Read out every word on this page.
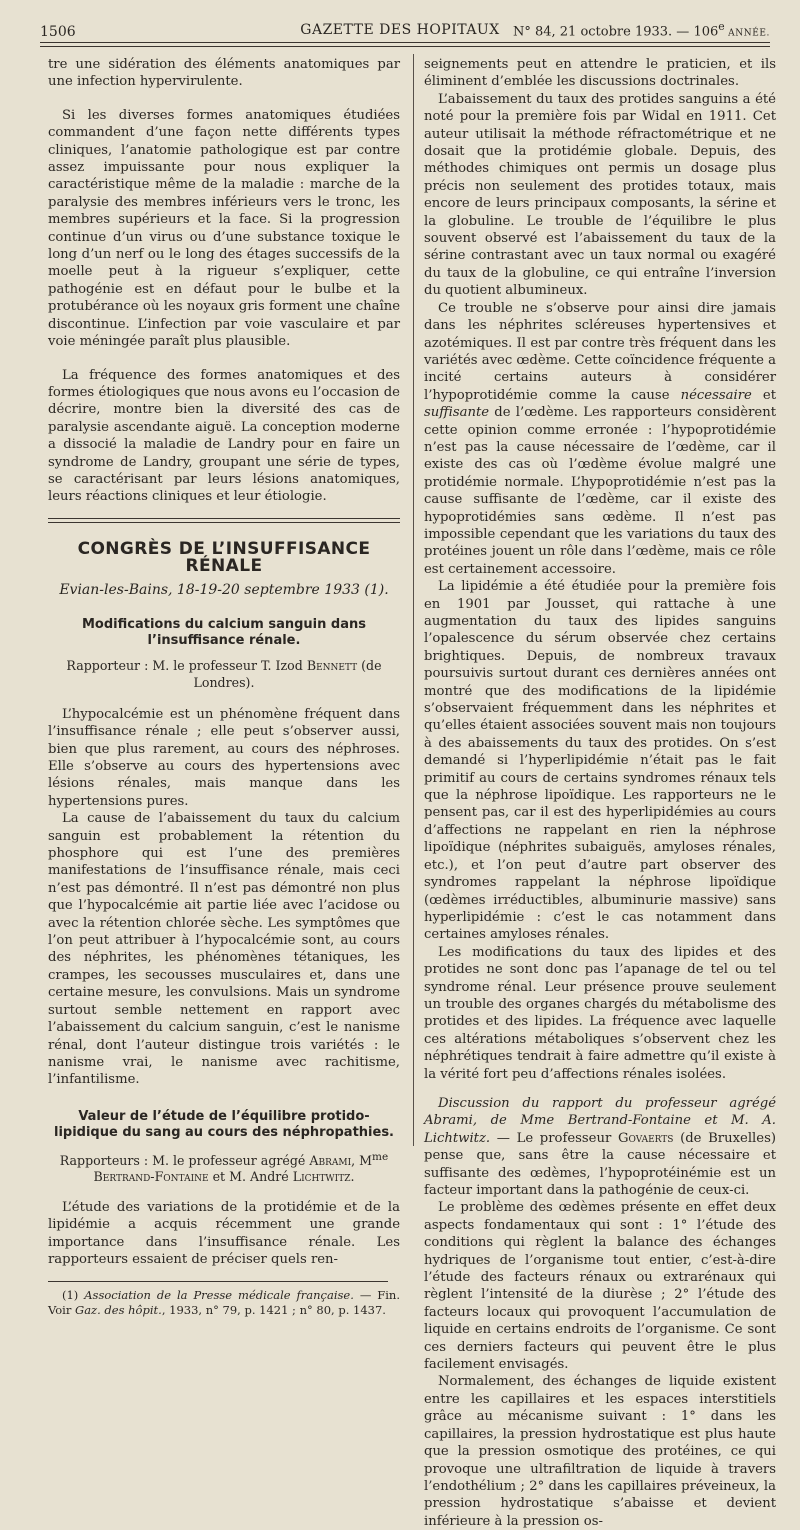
1506	GAZETTE DES HOPITAUX	N° 84, 21 octobre 1933. — 106e ANNÉE.

tre une sidération des éléments anatomiques par une infection hypervirulente.

Si les diverses formes anatomiques étudiées commandent d’une façon nette différents types cliniques, l’anatomie pathologique est par contre assez impuissante pour nous expliquer la caractéristique même de la maladie : marche de la paralysie des membres inférieurs vers le tronc, les membres supérieurs et la face. Si la progression continue d’un virus ou d’une substance toxique le long d’un nerf ou le long des étages successifs de la moelle peut à la rigueur s’expliquer, cette pathogénie est en défaut pour le bulbe et la protubérance où les noyaux gris forment une chaîne discontinue. L’infection par voie vasculaire et par voie méningée paraît plus plausible.

La fréquence des formes anatomiques et des formes étiologiques que nous avons eu l’occasion de décrire, montre bien la diversité des cas de paralysie ascendante aiguë. La conception moderne a dissocié la maladie de Landry pour en faire un syndrome de Landry, groupant une série de types, se caractérisant par leurs lésions anatomiques, leurs réactions cliniques et leur étiologie.

CONGRÈS DE L’INSUFFISANCE RÉNALE
Evian-les-Bains, 18-19-20 septembre 1933 (1).
Modifications du calcium sanguin dans l’insuffisance rénale.
Rapporteur : M. le professeur T. Izod Bennett (de Londres).

L’hypocalcémie est un phénomène fréquent dans l’insuffisance rénale ; elle peut s’observer aussi, bien que plus rarement, au cours des néphroses. Elle s’observe au cours des hypertensions avec lésions rénales, mais manque dans les hypertensions pures.

La cause de l’abaissement du taux du calcium sanguin est probablement la rétention du phosphore qui est l’une des premières manifestations de l’insuffisance rénale, mais ceci n’est pas démontré. Il n’est pas démontré non plus que l’hypocalcémie ait partie liée avec l’acidose ou avec la rétention chlorée sèche. Les symptômes que l’on peut attribuer à l’hypocalcémie sont, au cours des néphrites, les phénomènes tétaniques, les crampes, les secousses musculaires et, dans une certaine mesure, les convulsions. Mais un syndrome surtout semble nettement en rapport avec l’abaissement du calcium sanguin, c’est le nanisme rénal, dont l’auteur distingue trois variétés : le nanisme vrai, le nanisme avec rachitisme, l’infantilisme.

Valeur de l’étude de l’équilibre protido-lipidique du sang au cours des néphropathies.
Rapporteurs : M. le professeur agrégé Abrami, $M^{me}$ Bertrand-Fontaine et M. André Lichtwitz.

L’étude des variations de la protidémie et de la lipidémie a acquis récemment une grande importance dans l’insuffisance rénale. Les rapporteurs essaient de préciser quels ren-

(1) Association de la Presse médicale française. — Fin. Voir Gaz. des hôpit., 1933, n° 79, p. 1421 ; n° 80, p. 1437.

seignements peut en attendre le praticien, et ils éliminent d’emblée les discussions doctrinales.

L’abaissement du taux des protides sanguins a été noté pour la première fois par Widal en 1911. Cet auteur utilisait la méthode réfractométrique et ne dosait que la protidémie globale. Depuis, des méthodes chimiques ont permis un dosage plus précis non seulement des protides totaux, mais encore de leurs principaux composants, la sérine et la globuline. Le trouble de l’équilibre le plus souvent observé est l’abaissement du taux de la sérine contrastant avec un taux normal ou exagéré du taux de la globuline, ce qui entraîne l’inversion du quotient albumineux.

Ce trouble ne s’observe pour ainsi dire jamais dans les néphrites scléreuses hypertensives et azotémiques. Il est par contre très fréquent dans les variétés avec œdème. Cette coïncidence fréquente a incité certains auteurs à considérer l’hypoprotidémie comme la cause nécessaire et suffisante de l’œdème. Les rapporteurs considèrent cette opinion comme erronée : l’hypoprotidémie n’est pas la cause nécessaire de l’œdème, car il existe des cas où l’œdème évolue malgré une protidémie normale. L’hypoprotidémie n’est pas la cause suffisante de l’œdème, car il existe des hypoprotidémies sans œdème. Il n’est pas impossible cependant que les variations du taux des protéines jouent un rôle dans l’œdème, mais ce rôle est certainement accessoire.

La lipidémie a été étudiée pour la première fois en 1901 par Jousset, qui rattache à une augmentation du taux des lipides sanguins l’opalescence du sérum observée chez certains brightiques. Depuis, de nombreux travaux poursuivis surtout durant ces dernières années ont montré que des modifications de la lipidémie s’observaient fréquemment dans les néphrites et qu’elles étaient associées souvent mais non toujours à des abaissements du taux des protides. On s’est demandé si l’hyperlipidémie n’était pas le fait primitif au cours de certains syndromes rénaux tels que la néphrose lipoïdique. Les rapporteurs ne le pensent pas, car il est des hyperlipidémies au cours d’affections ne rappelant en rien la néphrose lipoïdique (néphrites subaiguës, amyloses rénales, etc.), et l’on peut d’autre part observer des syndromes rappelant la néphrose lipoïdique (œdèmes irréductibles, albuminurie massive) sans hyperlipidémie : c’est le cas notamment dans certaines amyloses rénales.

Les modifications du taux des lipides et des protides ne sont donc pas l’apanage de tel ou tel syndrome rénal. Leur présence prouve seulement un trouble des organes chargés du métabolisme des protides et des lipides. La fréquence avec laquelle ces altérations métaboliques s’observent chez les néphrétiques tendrait à faire admettre qu’il existe à la vérité fort peu d’affections rénales isolées.

Discussion du rapport du professeur agrégé Abrami, de Mme Bertrand-Fontaine et M. A. Lichtwitz. — Le professeur Govaerts (de Bruxelles) pense que, sans être la cause nécessaire et suffisante des œdèmes, l’hypoprotéinémie est un facteur important dans la pathogénie de ceux-ci.

Le problème des œdèmes présente en effet deux aspects fondamentaux qui sont : 1° l’étude des conditions qui règlent la balance des échanges hydriques de l’organisme tout entier, c’est-à-dire l’étude des facteurs rénaux ou extrarénaux qui règlent l’intensité de la diurèse ; 2° l’étude des facteurs locaux qui provoquent l’accumulation de liquide en certains endroits de l’organisme. Ce sont ces derniers facteurs qui peuvent être le plus facilement envisagés.

Normalement, des échanges de liquide existent entre les capillaires et les espaces interstitiels grâce au mécanisme suivant : 1° dans les capillaires, la pression hydrostatique est plus haute que la pression osmotique des protéines, ce qui provoque une ultrafiltration de liquide à travers l’endothélium ; 2° dans les capillaires préveineux, la pression hydrostatique s’abaisse et devient inférieure à la pression os-
